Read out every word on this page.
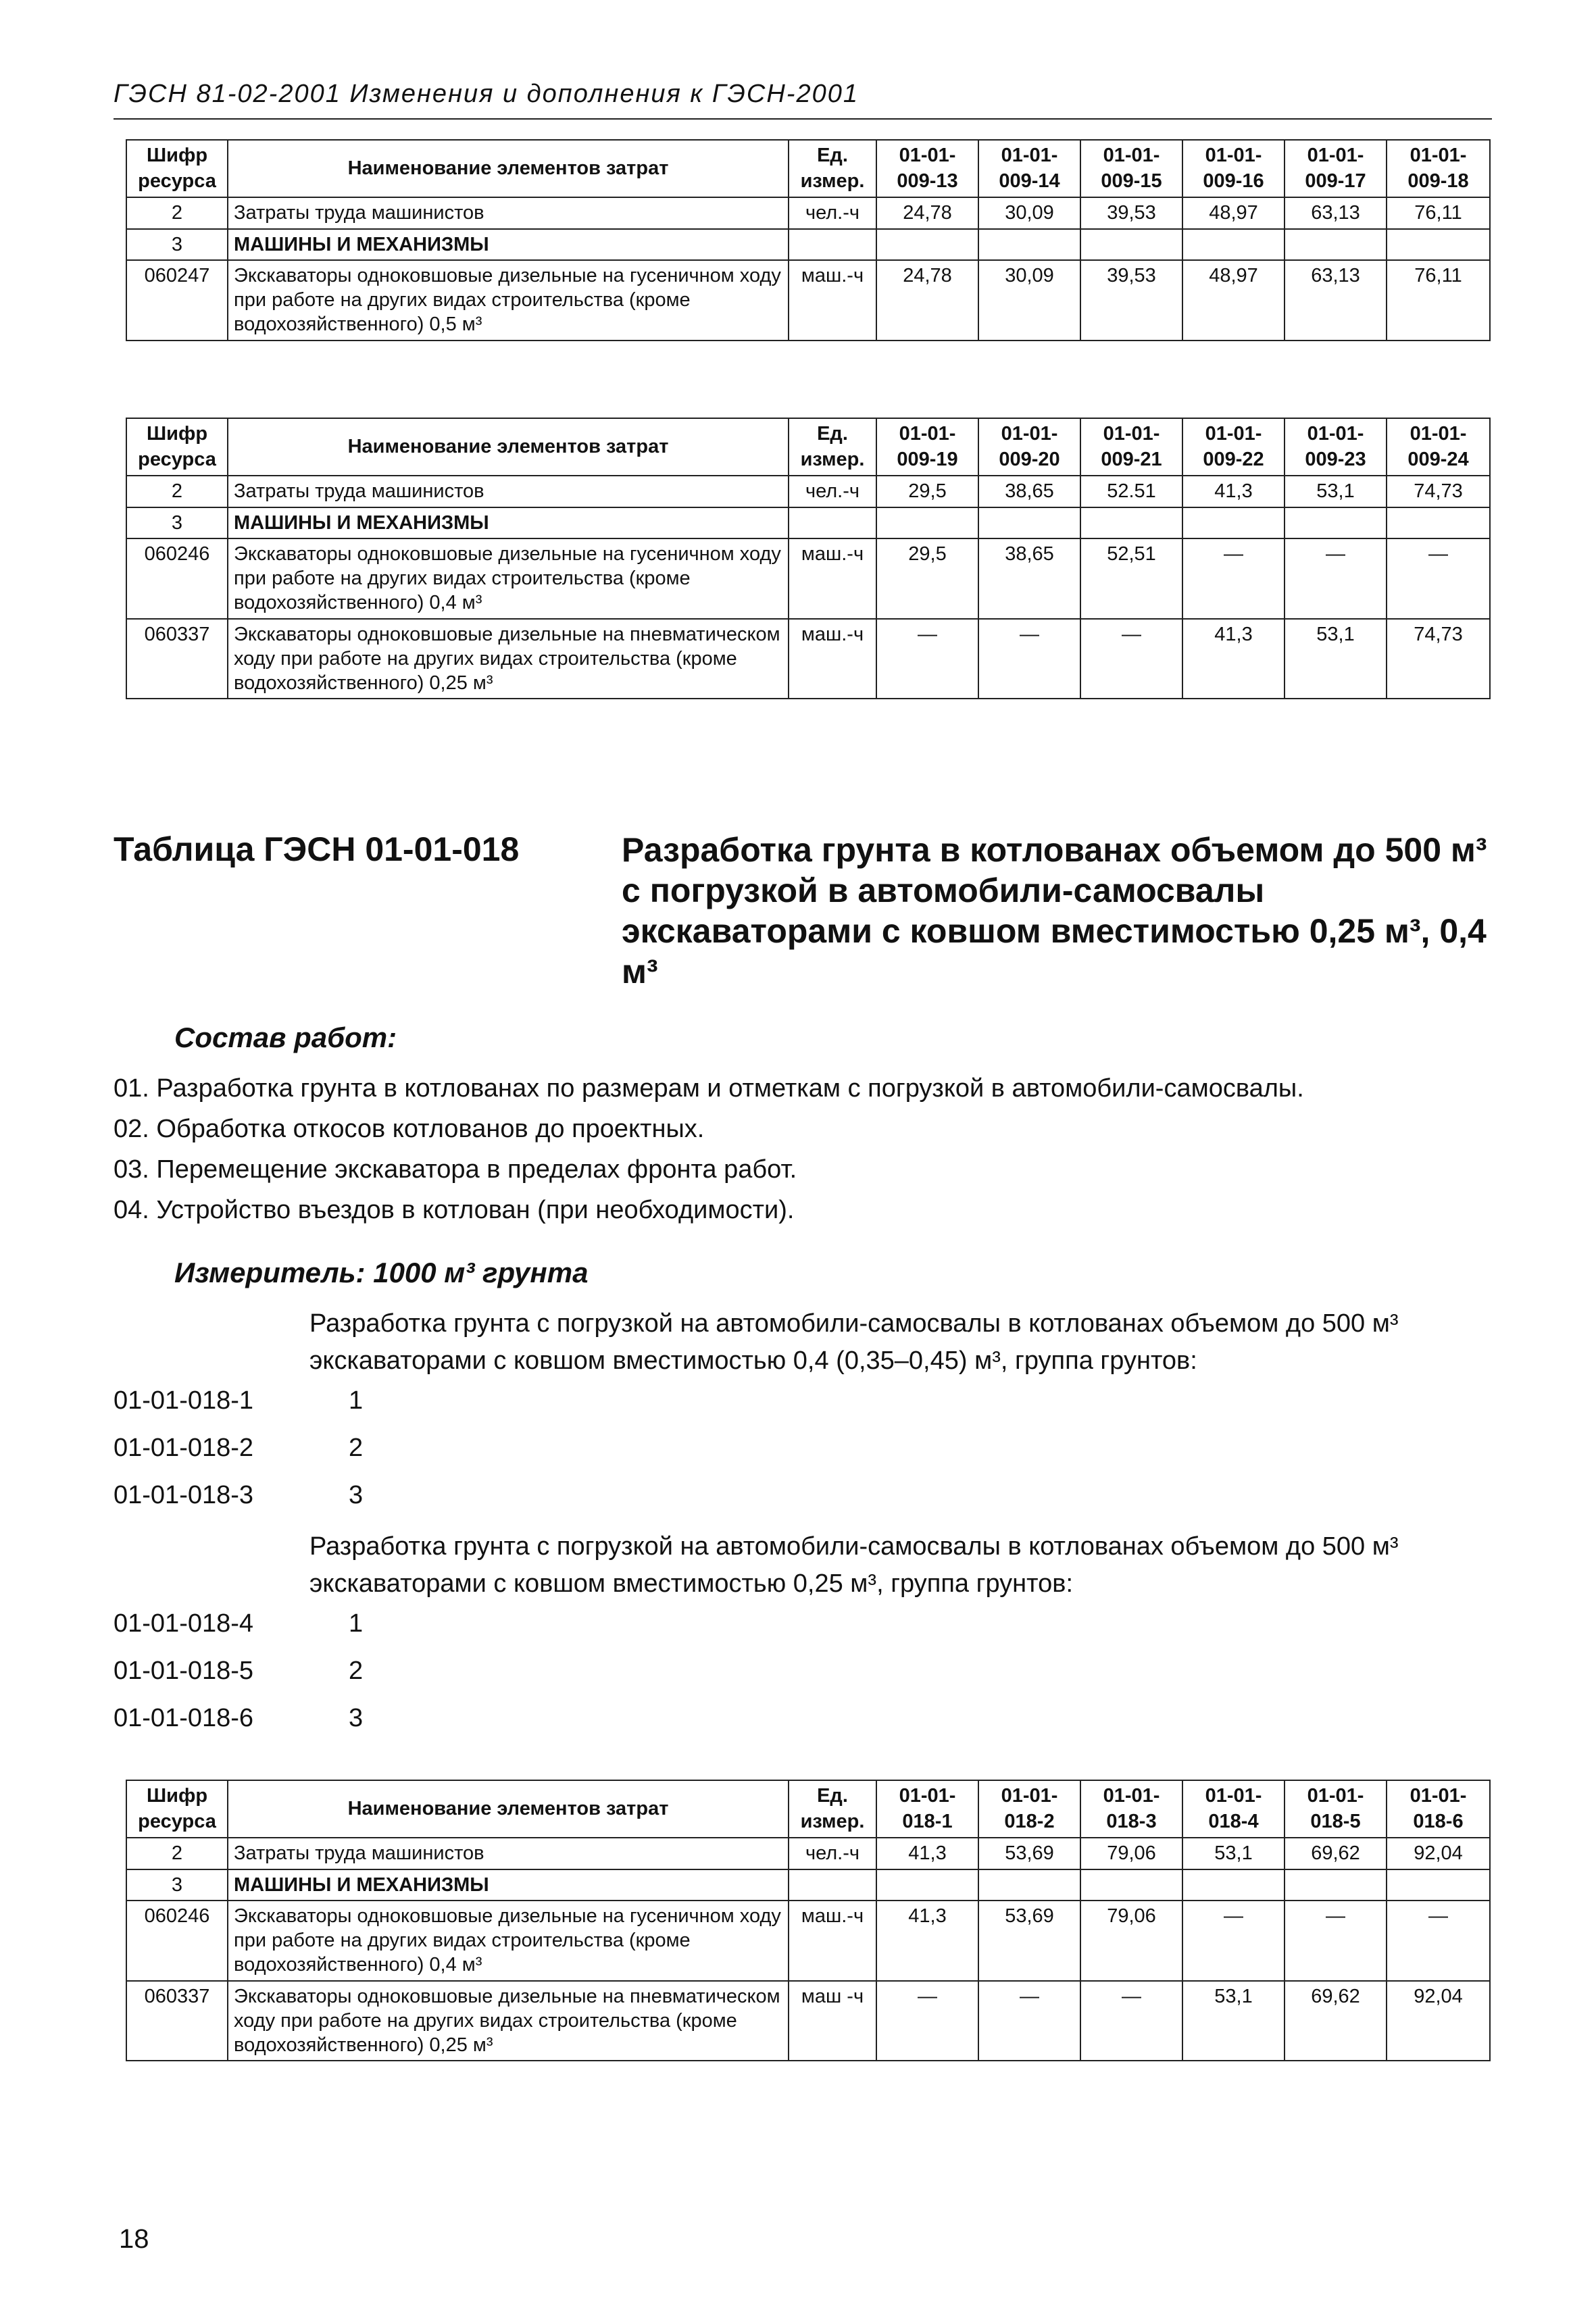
ГЭСН 81-02-2001 Изменения и дополнения к ГЭСН-2001
Шифр ресурса	Наименование элементов затрат	Ед. измер.	01-01-009-13	01-01-009-14	01-01-009-15	01-01-009-16	01-01-009-17	01-01-009-18
2	Затраты труда машинистов	чел.-ч	24,78	30,09	39,53	48,97	63,13	76,11
3	МАШИНЫ И МЕХАНИЗМЫ							
060247	Экскаваторы одноковшовые дизельные на гусеничном ходу при работе на других видах строительства (кроме водохозяйственного) 0,5 м³	маш.-ч	24,78	30,09	39,53	48,97	63,13	76,11
Шифр ресурса	Наименование элементов затрат	Ед. измер.	01-01-009-19	01-01-009-20	01-01-009-21	01-01-009-22	01-01-009-23	01-01-009-24
2	Затраты труда машинистов	чел.-ч	29,5	38,65	52.51	41,3	53,1	74,73
3	МАШИНЫ И МЕХАНИЗМЫ							
060246	Экскаваторы одноковшовые дизельные на гусеничном ходу при работе на других видах строительства (кроме водохозяйственного) 0,4 м³	маш.-ч	29,5	38,65	52,51	—	—	—
060337	Экскаваторы одноковшовые дизельные на пневматическом ходу при работе на других видах строительства (кроме водохозяйственного) 0,25 м³	маш.-ч	—	—	—	41,3	53,1	74,73
Таблица ГЭСН 01-01-018	Разработка грунта в котлованах объемом до 500 м³ с погрузкой в автомобили-самосвалы экскаваторами с ковшом вместимостью 0,25 м³, 0,4 м³
Состав работ:
01. Разработка грунта в котлованах по размерам и отметкам с погрузкой в автомобили-самосвалы.
02. Обработка откосов котлованов до проектных.
03. Перемещение экскаватора в пределах фронта работ.
04. Устройство въездов в котлован (при необходимости).
Измеритель: 1000 м³ грунта
Разработка грунта с погрузкой на автомобили-самосвалы в котлованах объемом до 500 м³ экскаваторами с ковшом вместимостью 0,4 (0,35–0,45) м³, группа грунтов:
01-01-018-1	1
01-01-018-2	2
01-01-018-3	3
Разработка грунта с погрузкой на автомобили-самосвалы в котлованах объемом до 500 м³ экскаваторами с ковшом вместимостью 0,25 м³, группа грунтов:
01-01-018-4	1
01-01-018-5	2
01-01-018-6	3
Шифр ресурса	Наименование элементов затрат	Ед. измер.	01-01-018-1	01-01-018-2	01-01-018-3	01-01-018-4	01-01-018-5	01-01-018-6
2	Затраты труда машинистов	чел.-ч	41,3	53,69	79,06	53,1	69,62	92,04
3	МАШИНЫ И МЕХАНИЗМЫ							
060246	Экскаваторы одноковшовые дизельные на гусеничном ходу при работе на других видах строительства (кроме водохозяйственного) 0,4 м³	маш.-ч	41,3	53,69	79,06	—	—	—
060337	Экскаваторы одноковшовые дизельные на пневматическом ходу при работе на других видах строительства (кроме водохозяйственного) 0,25 м³	маш -ч	—	—	—	53,1	69,62	92,04
18
